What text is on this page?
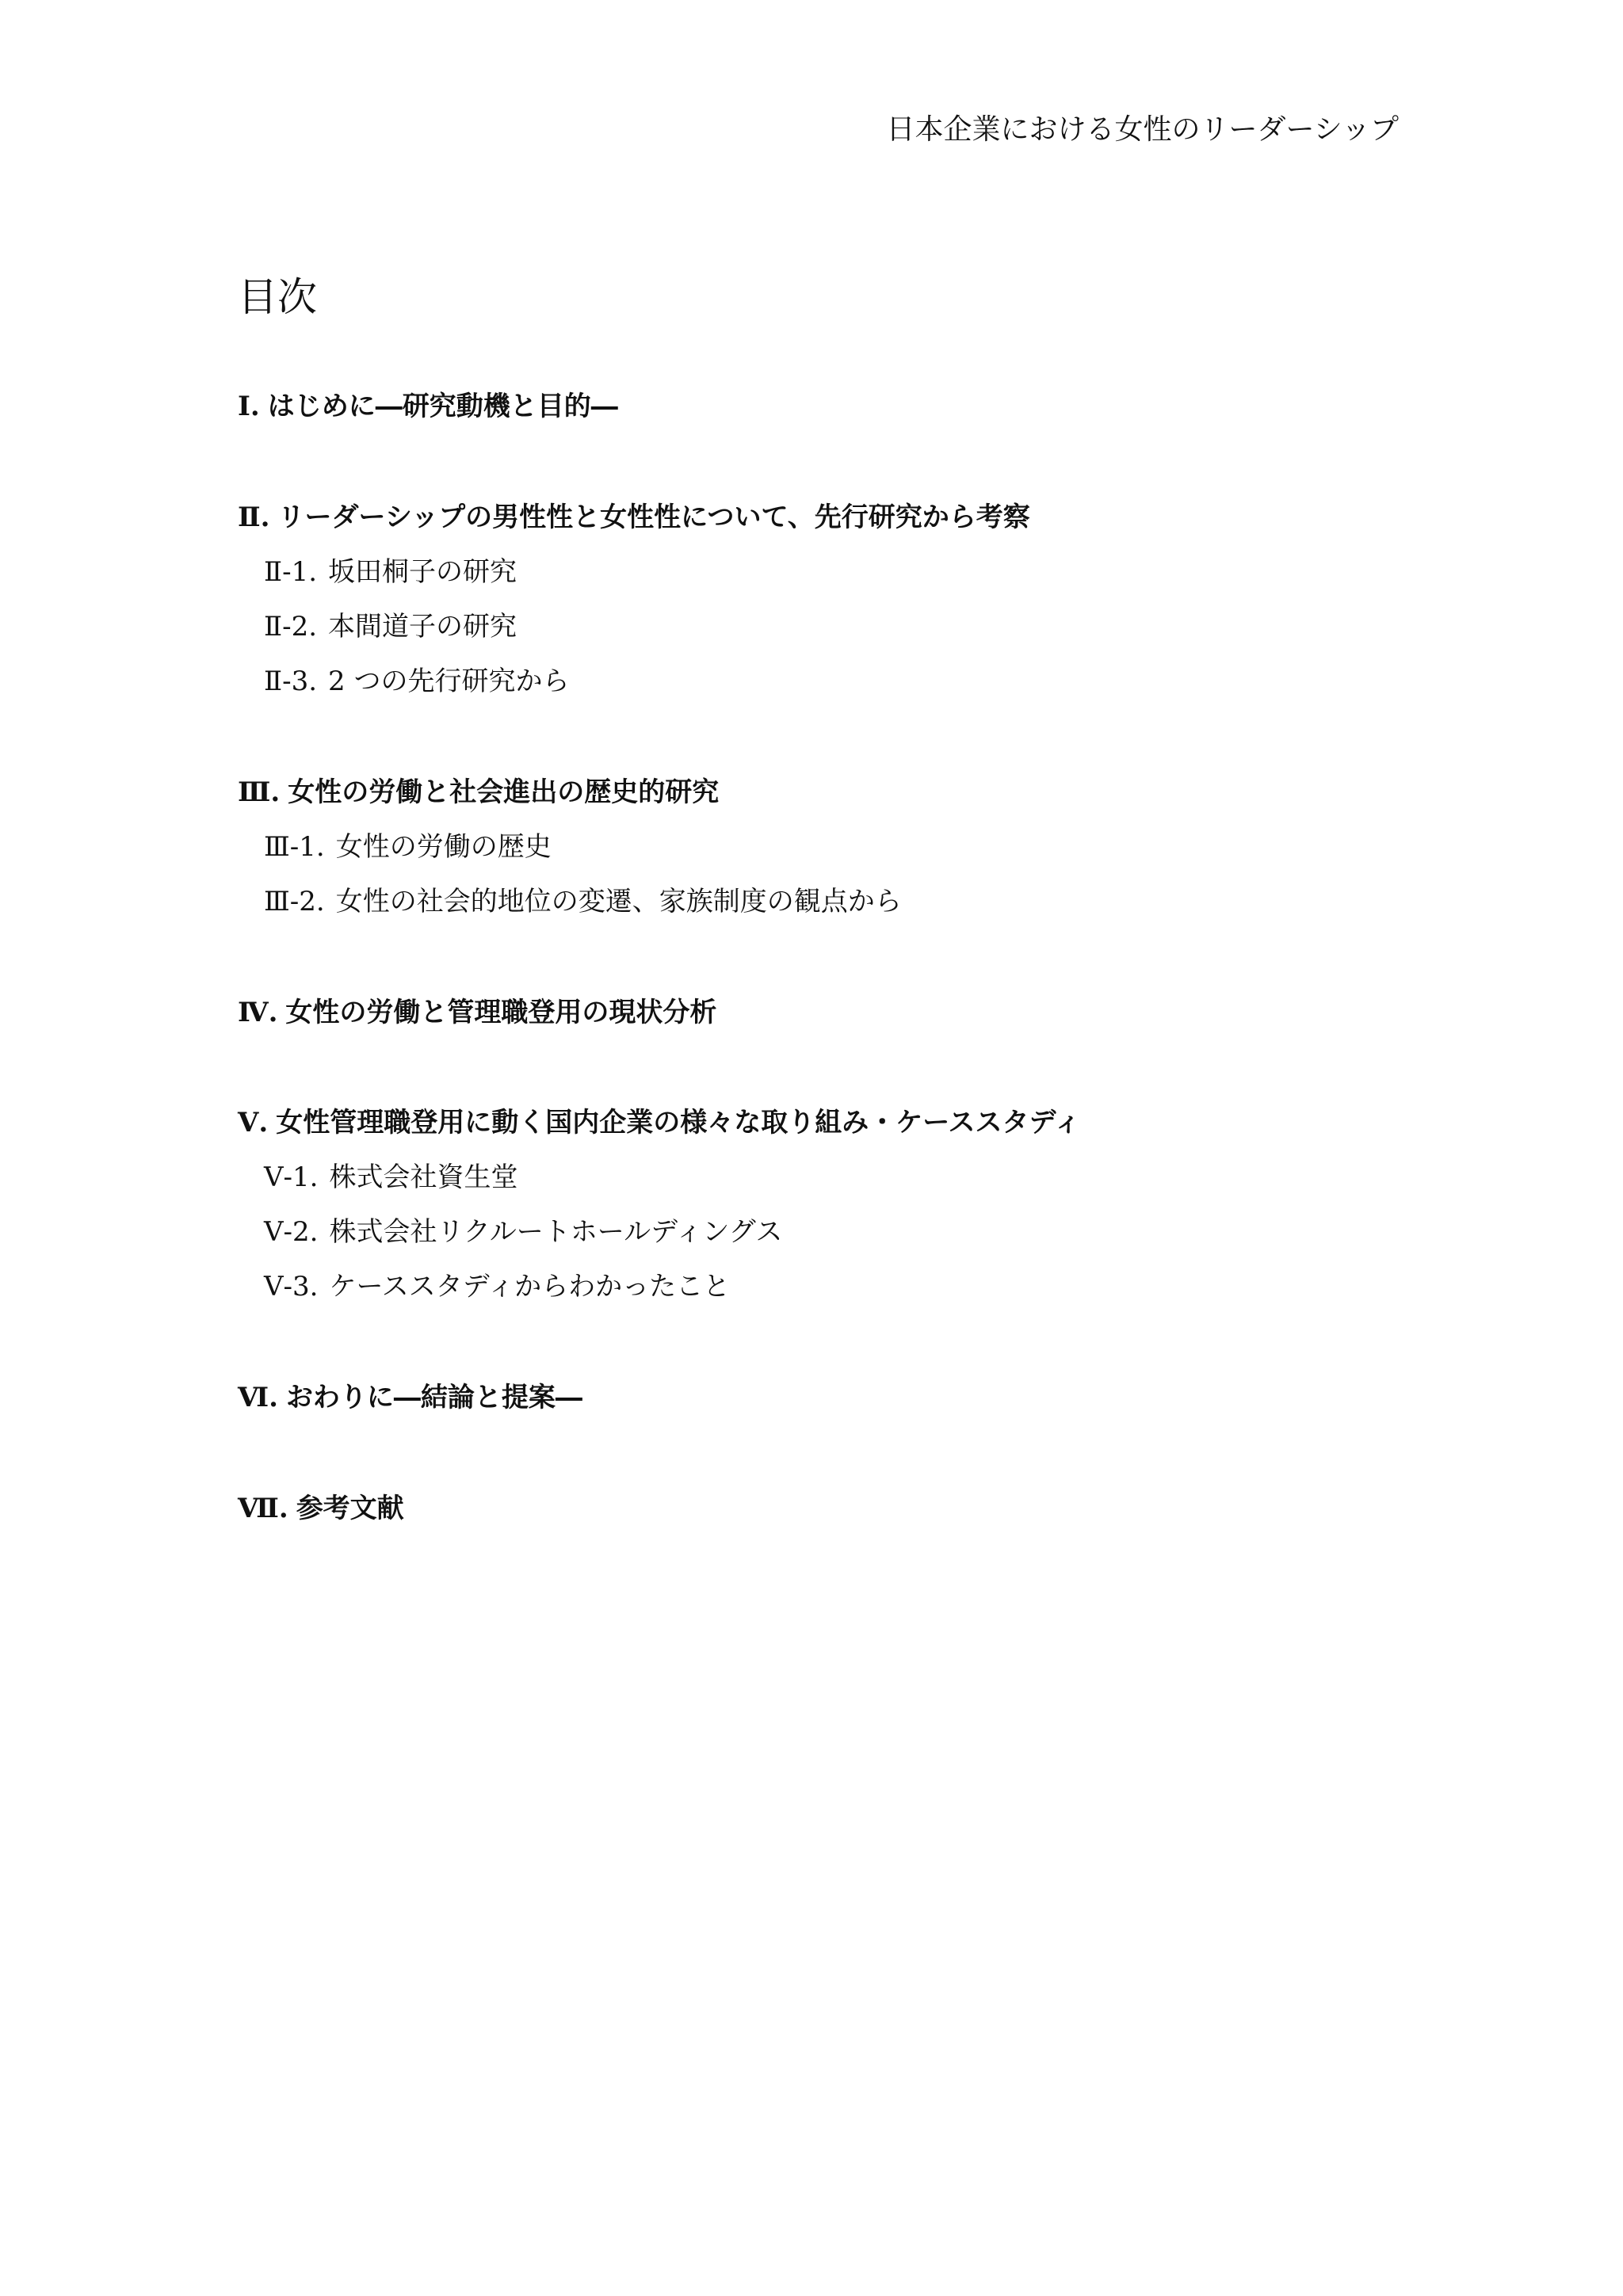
日本企業における女性のリーダーシップ
目次
Ⅰ. はじめに―研究動機と目的―
Ⅱ. リーダーシップの男性性と女性性について、先行研究から考察
Ⅱ-1. 坂田桐子の研究
Ⅱ-2. 本間道子の研究
Ⅱ-3. 2 つの先行研究から
Ⅲ. 女性の労働と社会進出の歴史的研究
Ⅲ-1. 女性の労働の歴史
Ⅲ-2. 女性の社会的地位の変遷、家族制度の観点から
Ⅳ. 女性の労働と管理職登用の現状分析
Ⅴ. 女性管理職登用に動く国内企業の様々な取り組み・ケーススタディ
Ⅴ-1. 株式会社資生堂
Ⅴ-2. 株式会社リクルートホールディングス
Ⅴ-3. ケーススタディからわかったこと
Ⅵ. おわりに―結論と提案―
Ⅶ. 参考文献
